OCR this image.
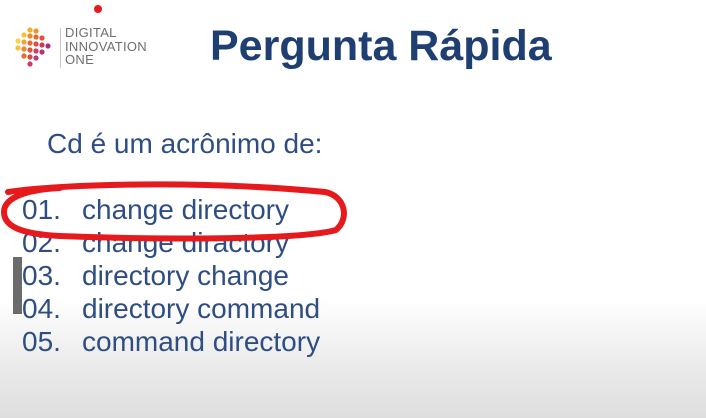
DIGITAL
INNOVATION
ONE	Pergunta Rápida
Cd é um acrônimo de:
01. change directory
02. change diractory
03. directory change
04. directory command
05. command directory
